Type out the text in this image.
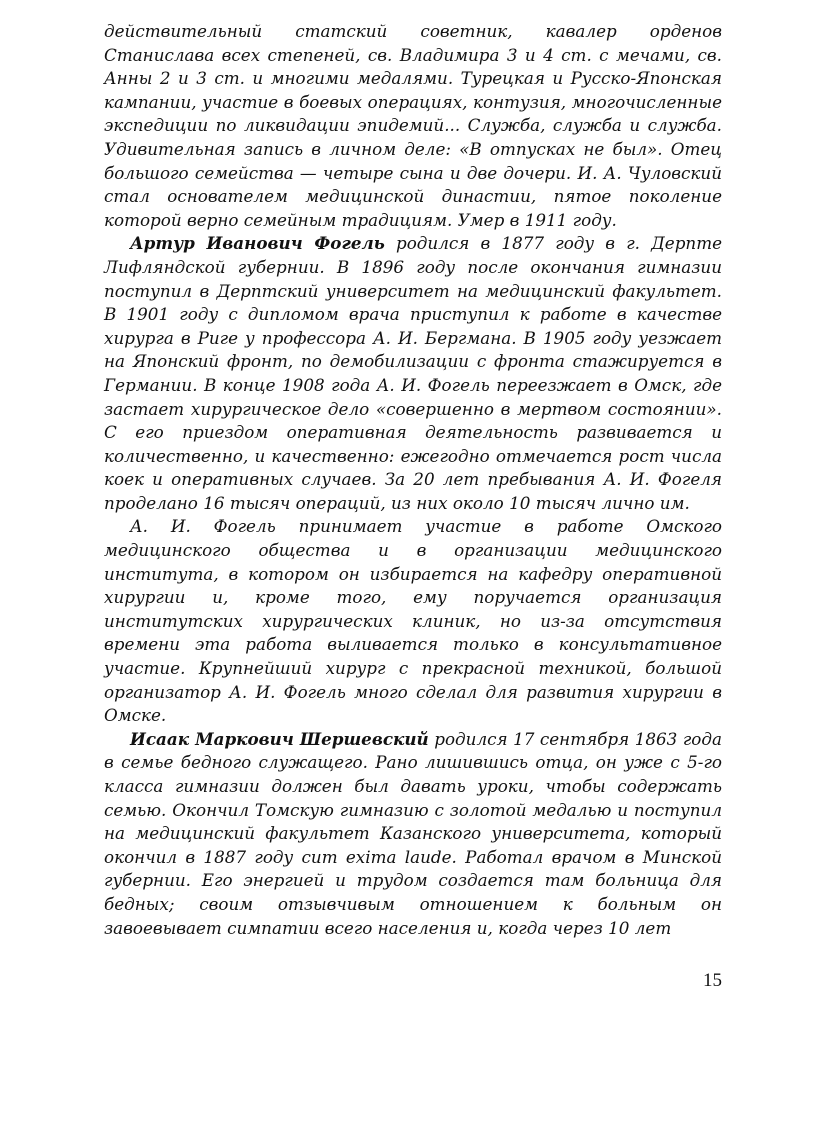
действительный статский советник, кавалер орденов Станислава всех степеней, св. Владимира 3 и 4 ст. с мечами, св. Анны 2 и 3 ст. и многими медалями. Турецкая и Русско-Японская кампании, участие в боевых операциях, контузия, многочисленные экспедиции по ликвидации эпидемий... Служба, служба и служба. Удивительная запись в личном деле: «В отпусках не был». Отец большого семейства — четыре сына и две дочери. И. А. Чуловский стал основателем медицинской династии, пятое поколение которой верно семейным традициям. Умер в 1911 году.

Артур Иванович Фогель родился в 1877 году в г. Дерпте Лифляндской губернии. В 1896 году после окончания гимназии поступил в Дерптский университет на медицинский факультет. В 1901 году с дипломом врача приступил к работе в качестве хирурга в Риге у профессора А. И. Бергмана. В 1905 году уезжает на Японский фронт, по демобилизации с фронта стажируется в Германии. В конце 1908 года А. И. Фогель переезжает в Омск, где застает хирургическое дело «совершенно в мертвом состоянии». С его приездом оперативная деятельность развивается и количественно, и качественно: ежегодно отмечается рост числа коек и оперативных случаев. За 20 лет пребывания А. И. Фогеля проделано 16 тысяч операций, из них около 10 тысяч лично им.

А. И. Фогель принимает участие в работе Омского медицинского общества и в организации медицинского института, в котором он избирается на кафедру оперативной хирургии и, кроме того, ему поручается организация институтских хирургических клиник, но из-за отсутствия времени эта работа выливается только в консультативное участие. Крупнейший хирург с прекрасной техникой, большой организатор А. И. Фогель много сделал для развития хирургии в Омске.

Исаак Маркович Шершевский родился 17 сентября 1863 года в семье бедного служащего. Рано лишившись отца, он уже с 5-го класса гимназии должен был давать уроки, чтобы содержать семью. Окончил Томскую гимназию с золотой медалью и поступил на медицинский факультет Казанского университета, который окончил в 1887 году сит exima laude. Работал врачом в Минской губернии. Его энергией и трудом создается там больница для бедных; своим отзывчивым отношением к больным он завоевывает симпатии всего населения и, когда через 10 лет

15
